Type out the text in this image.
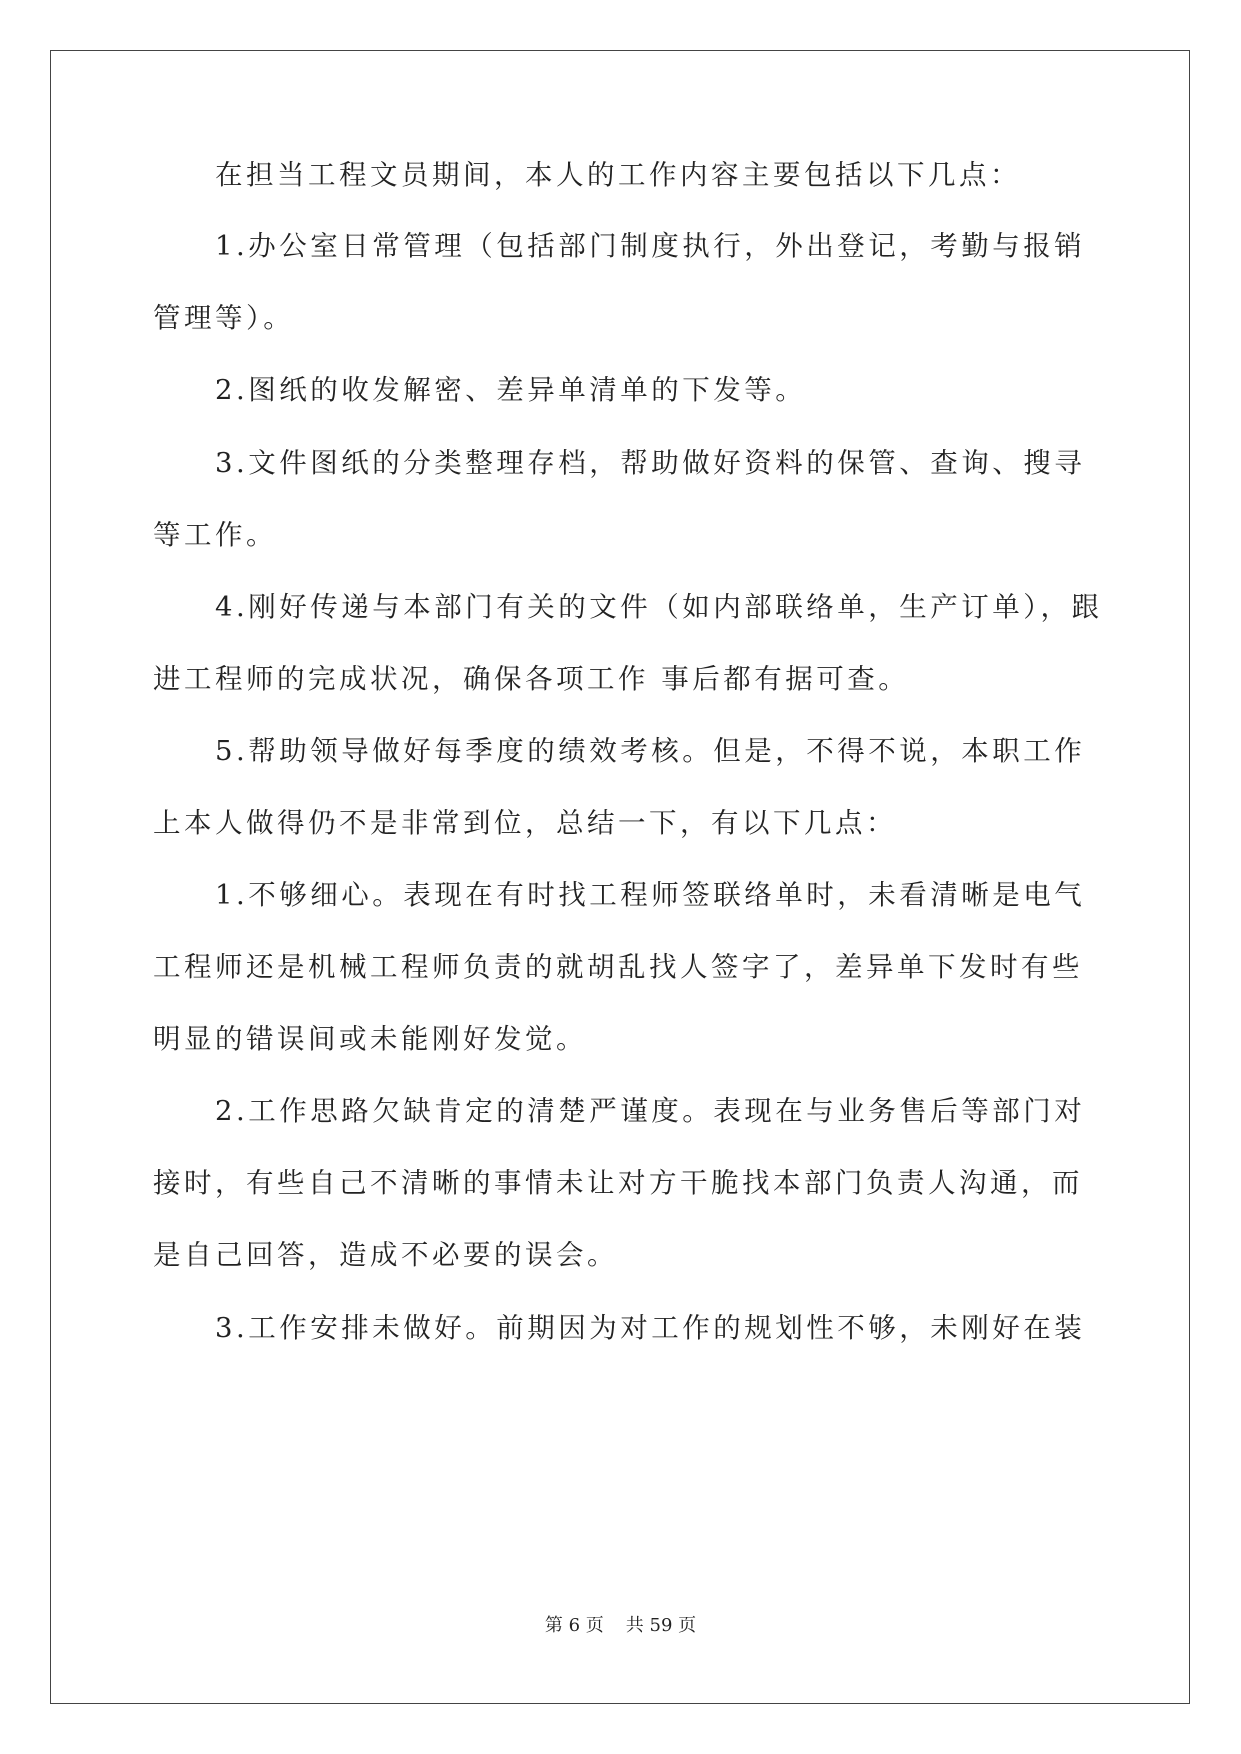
在担当工程文员期间，本人的工作内容主要包括以下几点：
1.办公室日常管理（包括部门制度执行，外出登记，考勤与报销
管理等）。
2.图纸的收发解密、差异单清单的下发等。
3.文件图纸的分类整理存档，帮助做好资料的保管、查询、搜寻
等工作。
4.刚好传递与本部门有关的文件（如内部联络单，生产订单），跟
进工程师的完成状况，确保各项工作 事后都有据可查。
5.帮助领导做好每季度的绩效考核。但是，不得不说，本职工作
上本人做得仍不是非常到位，总结一下，有以下几点：
1.不够细心。表现在有时找工程师签联络单时，未看清晰是电气
工程师还是机械工程师负责的就胡乱找人签字了，差异单下发时有些
明显的错误间或未能刚好发觉。
2.工作思路欠缺肯定的清楚严谨度。表现在与业务售后等部门对
接时，有些自己不清晰的事情未让对方干脆找本部门负责人沟通，而
是自己回答，造成不必要的误会。
3.工作安排未做好。前期因为对工作的规划性不够，未刚好在装
第 6 页 共 59 页
